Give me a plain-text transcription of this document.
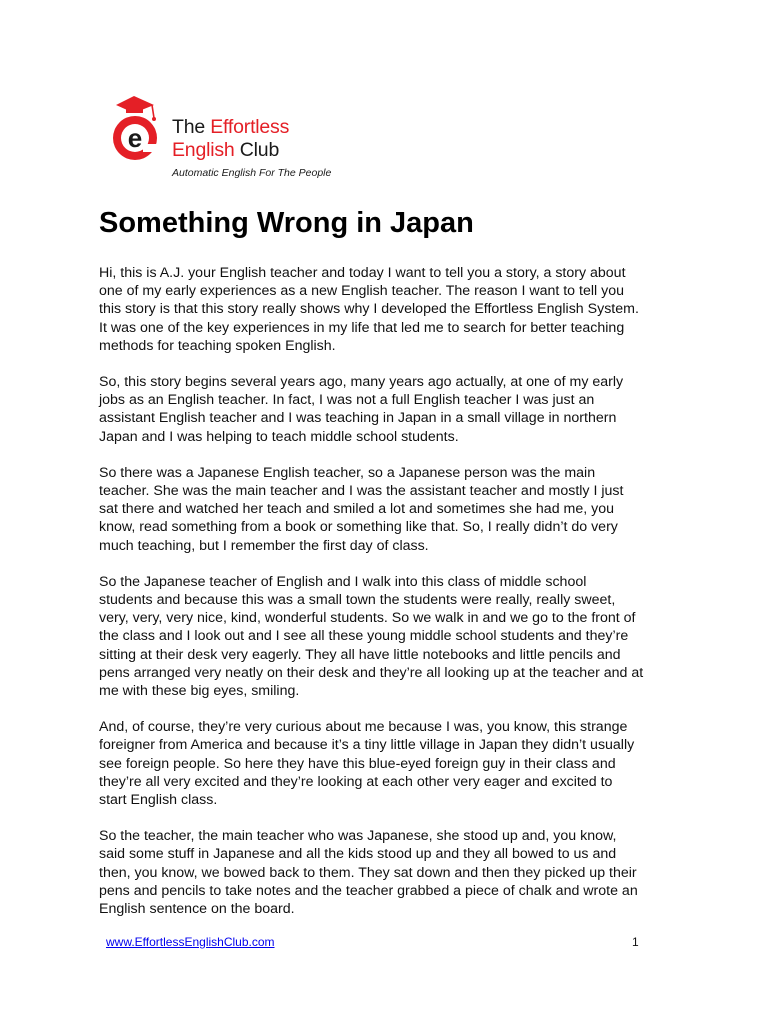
e The Effortless
English Club
Automatic English For The People
Something Wrong in Japan

Hi, this is A.J. your English teacher and today I want to tell you a story, a story about
one of my early experiences as a new English teacher. The reason I want to tell you
this story is that this story really shows why I developed the Effortless English System.
It was one of the key experiences in my life that led me to search for better teaching
methods for teaching spoken English.

So, this story begins several years ago, many years ago actually, at one of my early
jobs as an English teacher. In fact, I was not a full English teacher I was just an
assistant English teacher and I was teaching in Japan in a small village in northern
Japan and I was helping to teach middle school students.

So there was a Japanese English teacher, so a Japanese person was the main
teacher. She was the main teacher and I was the assistant teacher and mostly I just
sat there and watched her teach and smiled a lot and sometimes she had me, you
know, read something from a book or something like that. So, I really didn’t do very
much teaching, but I remember the first day of class.

So the Japanese teacher of English and I walk into this class of middle school
students and because this was a small town the students were really, really sweet,
very, very, very nice, kind, wonderful students. So we walk in and we go to the front of
the class and I look out and I see all these young middle school students and they’re
sitting at their desk very eagerly. They all have little notebooks and little pencils and
pens arranged very neatly on their desk and they’re all looking up at the teacher and at
me with these big eyes, smiling.

And, of course, they’re very curious about me because I was, you know, this strange
foreigner from America and because it’s a tiny little village in Japan they didn’t usually
see foreign people. So here they have this blue-eyed foreign guy in their class and
they’re all very excited and they’re looking at each other very eager and excited to
start English class.

So the teacher, the main teacher who was Japanese, she stood up and, you know,
said some stuff in Japanese and all the kids stood up and they all bowed to us and
then, you know, we bowed back to them. They sat down and then they picked up their
pens and pencils to take notes and the teacher grabbed a piece of chalk and wrote an
English sentence on the board.

www.EffortlessEnglishClub.com	1
